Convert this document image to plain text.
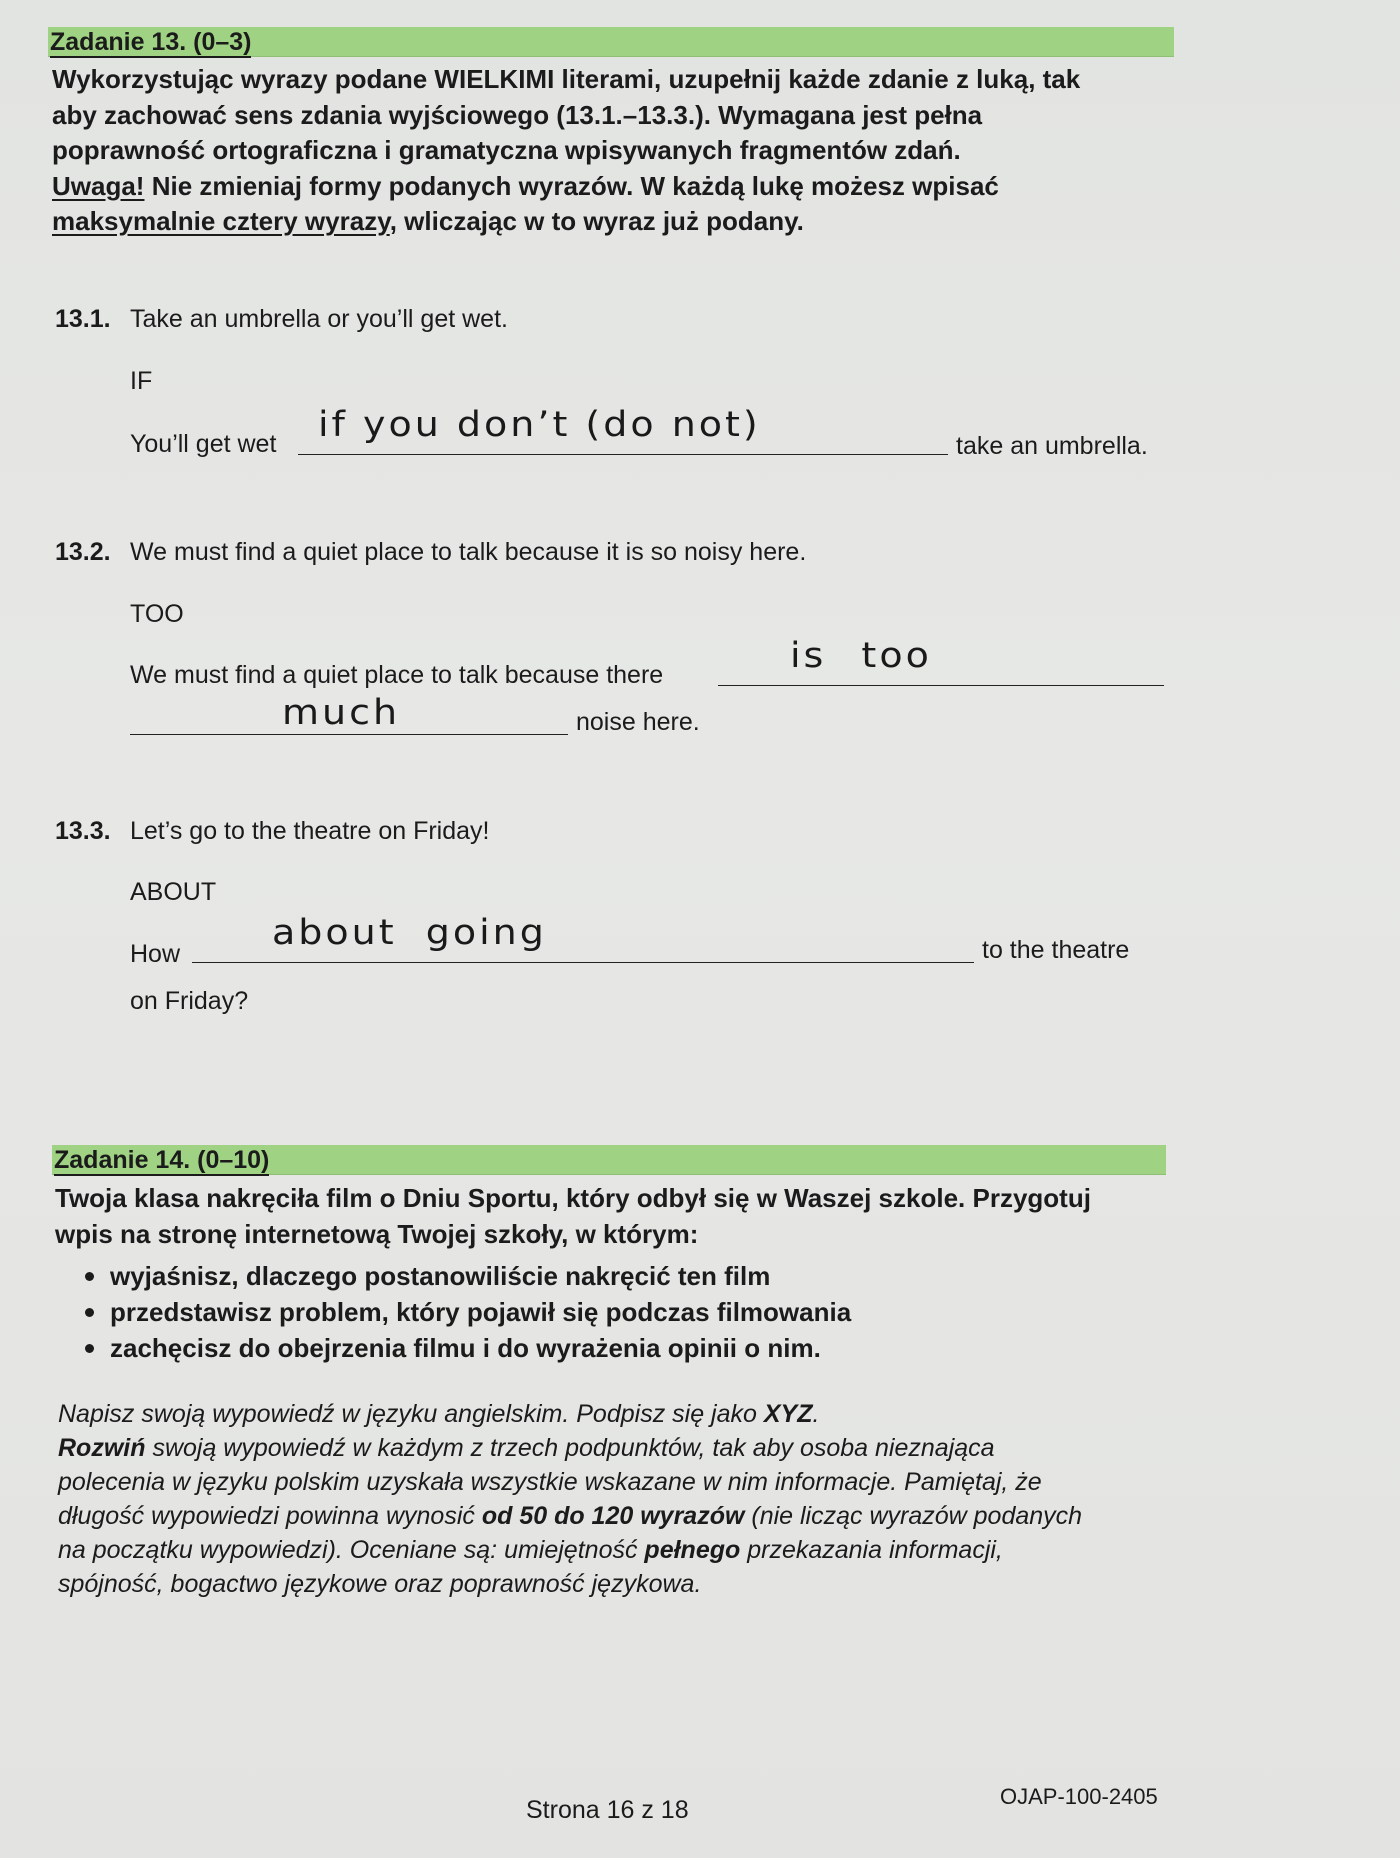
Zadanie 13. (0–3)
Wykorzystując wyrazy podane WIELKIMI literami, uzupełnij każde zdanie z luką, tak
aby zachować sens zdania wyjściowego (13.1.–13.3.). Wymagana jest pełna
poprawność ortograficzna i gramatyczna wpisywanych fragmentów zdań.
Uwaga! Nie zmieniaj formy podanych wyrazów. W każdą lukę możesz wpisać
maksymalnie cztery wyrazy, wliczając w to wyraz już podany.
13.1. Take an umbrella or you’ll get wet.
IF
You’ll get wet if you don’t (do not)
take an umbrella.
13.2. We must find a quiet place to talk because it is so noisy here.
TOO
We must find a quiet place to talk because there	is too
much	noise here.
13.3. Let’s go to the theatre on Friday!
ABOUT
How
about going	to the theatre
on Friday?
Zadanie 14. (0–10)
Twoja klasa nakręciła film o Dniu Sportu, który odbył się w Waszej szkole. Przygotuj
wpis na stronę internetową Twojej szkoły, w którym:
wyjaśnisz, dlaczego postanowiliście nakręcić ten film
przedstawisz problem, który pojawił się podczas filmowania
zachęcisz do obejrzenia filmu i do wyrażenia opinii o nim.
Napisz swoją wypowiedź w języku angielskim. Podpisz się jako XYZ.
Rozwiń swoją wypowiedź w każdym z trzech podpunktów, tak aby osoba nieznająca
polecenia w języku polskim uzyskała wszystkie wskazane w nim informacje. Pamiętaj, że
długość wypowiedzi powinna wynosić od 50 do 120 wyrazów (nie licząc wyrazów podanych
na początku wypowiedzi). Oceniane są: umiejętność pełnego przekazania informacji,
spójność, bogactwo językowe oraz poprawność językowa.
Strona 16 z 18	OJAP-100-2405
